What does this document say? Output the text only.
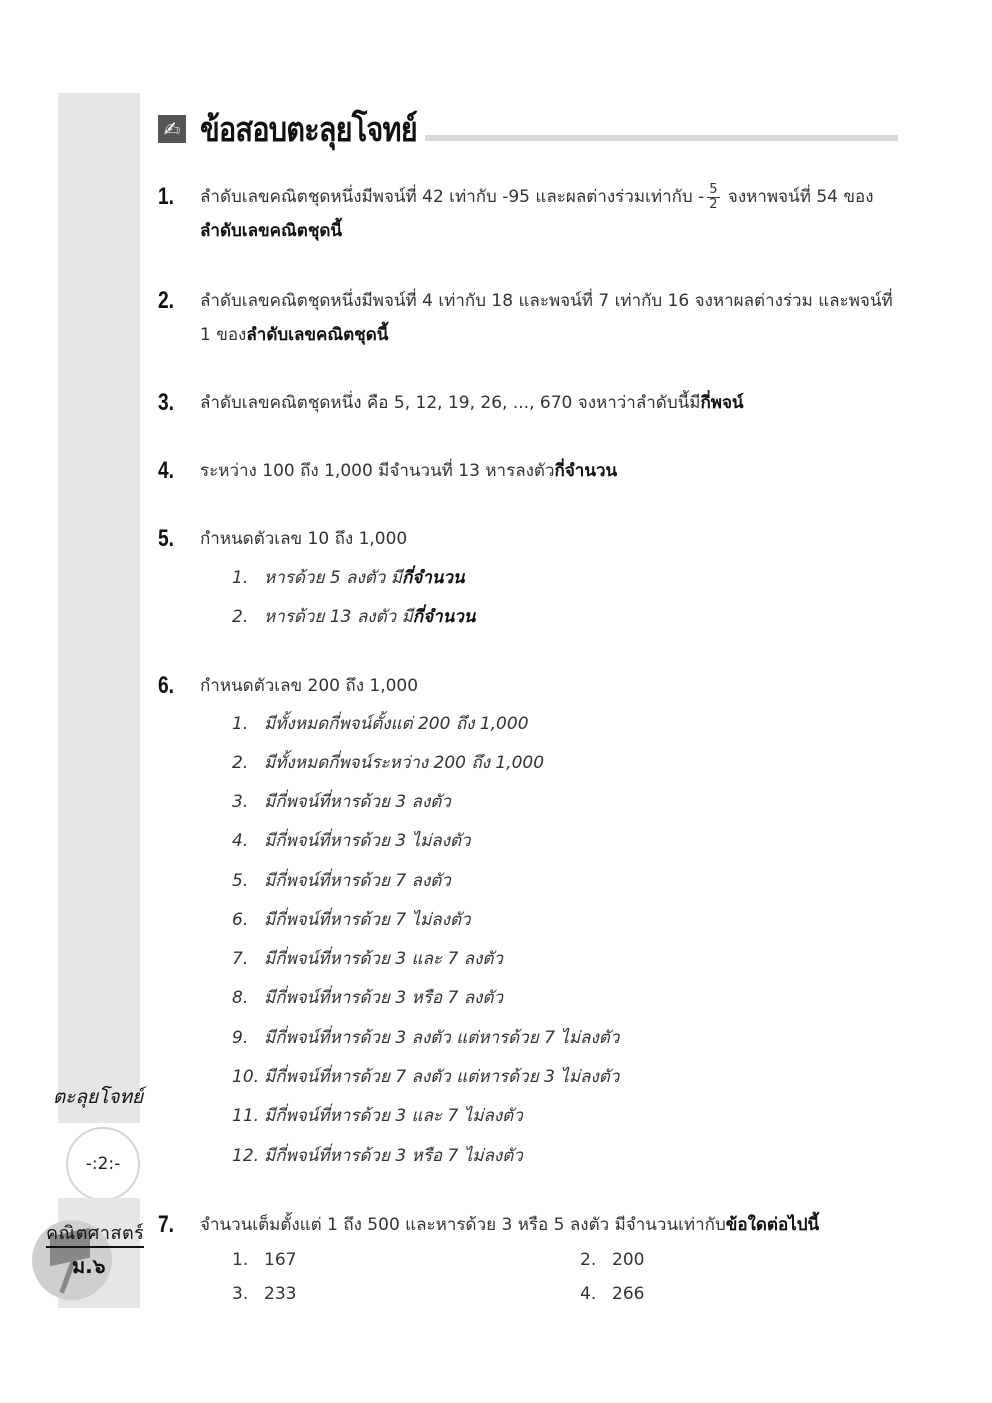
ตะลุยโจทย์
-:2:-
คณิตศาสตร์
ม.๖
✍ ข้อสอบตะลุยโจทย์
1. ลำดับเลขคณิตชุดหนึ่งมีพจน์ที่ 42 เท่ากับ -95 และผลต่างร่วมเท่ากับ - $\frac{5}{2}$ จงหาพจน์ที่ 54 ของลำดับเลขคณิตชุดนี้
2. ลำดับเลขคณิตชุดหนึ่งมีพจน์ที่ 4 เท่ากับ 18 และพจน์ที่ 7 เท่ากับ 16 จงหาผลต่างร่วม และพจน์ที่ 1 ของลำดับเลขคณิตชุดนี้
3. ลำดับเลขคณิตชุดหนึ่ง คือ 5, 12, 19, 26, ..., 670 จงหาว่าลำดับนี้มีกี่พจน์
4. ระหว่าง 100 ถึง 1,000 มีจำนวนที่ 13 หารลงตัวกี่จำนวน
5. กำหนดตัวเลข 10 ถึง 1,000
1. หารด้วย 5 ลงตัว มีกี่จำนวน
2. หารด้วย 13 ลงตัว มีกี่จำนวน
6. กำหนดตัวเลข 200 ถึง 1,000
1. มีทั้งหมดกี่พจน์ตั้งแต่ 200 ถึง 1,000
2. มีทั้งหมดกี่พจน์ระหว่าง 200 ถึง 1,000
3. มีกี่พจน์ที่หารด้วย 3 ลงตัว
4. มีกี่พจน์ที่หารด้วย 3 ไม่ลงตัว
5. มีกี่พจน์ที่หารด้วย 7 ลงตัว
6. มีกี่พจน์ที่หารด้วย 7 ไม่ลงตัว
7. มีกี่พจน์ที่หารด้วย 3 และ 7 ลงตัว
8. มีกี่พจน์ที่หารด้วย 3 หรือ 7 ลงตัว
9. มีกี่พจน์ที่หารด้วย 3 ลงตัว แต่หารด้วย 7 ไม่ลงตัว
10. มีกี่พจน์ที่หารด้วย 7 ลงตัว แต่หารด้วย 3 ไม่ลงตัว
11. มีกี่พจน์ที่หารด้วย 3 และ 7 ไม่ลงตัว
12. มีกี่พจน์ที่หารด้วย 3 หรือ 7 ไม่ลงตัว
7. จำนวนเต็มตั้งแต่ 1 ถึง 500 และหารด้วย 3 หรือ 5 ลงตัว มีจำนวนเท่ากับข้อใดต่อไปนี้
1. 167	2. 200
3. 233	4. 266
